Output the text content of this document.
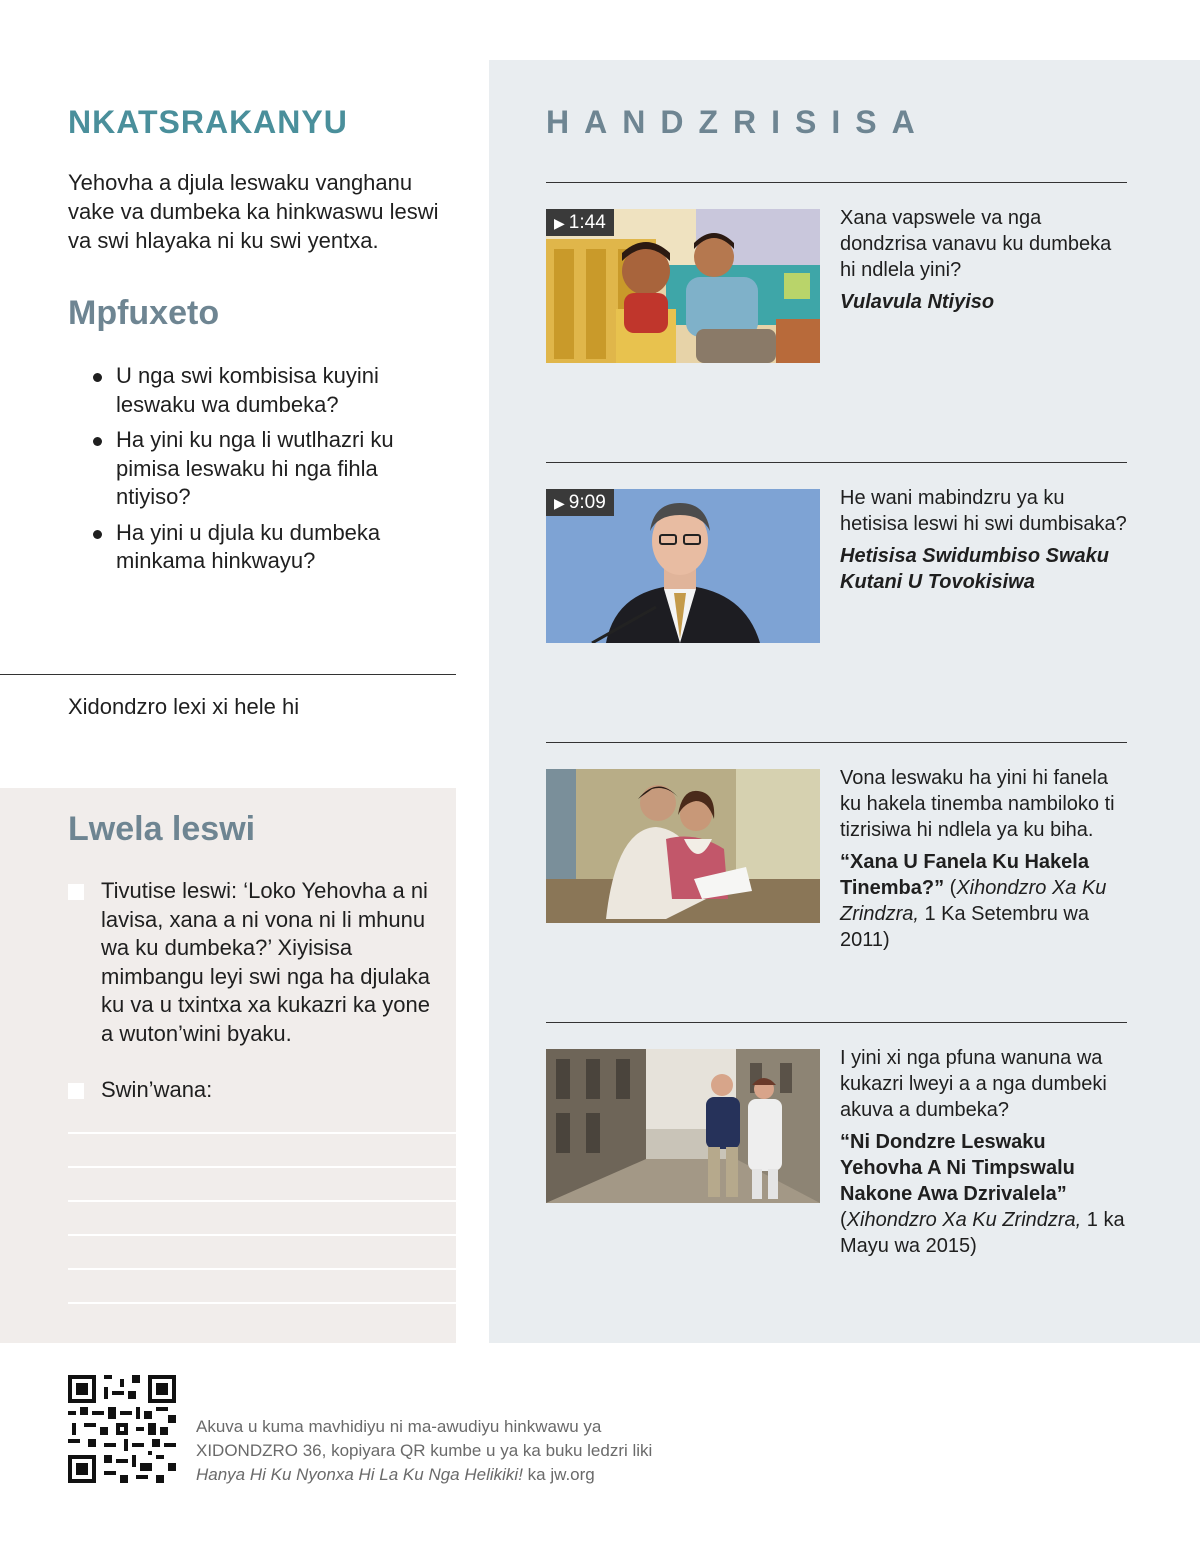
NKATSRAKANYU

Yehovha a djula leswaku vanghanu vake va dumbeka ka hinkwaswu leswi va swi hlayaka ni ku swi yentxa.

Mpfuxeto
U nga swi kombisisa kuyini leswaku wa dumbeka?
Ha yini ku nga li wutlhazri ku pimisa leswaku hi nga fihla ntiyiso?
Ha yini u djula ku dumbeka minkama hinkwayu?

Xidondzro lexi xi hele hi

Lwela leswi

Tivutise leswi: ‘Loko Yehovha a ni lavisa, xana a ni vona ni li mhunu wa ku dumbeka?’ Xiyisisa mimbangu leyi swi nga ha djulaka ku va u txintxa xa kukazri ka yone a wuton’wini byaku.

Swin’wana:

HANDZRISISA
▶ 1:44	Xana vapswele va nga dondzrisa vanavu ku dumbeka hi ndlela yini?

Vulavula Ntiyiso

▶ 9:09	He wani mabindzru ya ku hetisisa leswi hi swi dumbisaka?

Hetisisa Swidumbiso Swaku Kutani U Tovokisiwa

Vona leswaku ha yini hi fanela ku hakela tinemba nambiloko ti tizrisiwa hi ndlela ya ku biha.

“Xana U Fanela Ku Hakela Tinemba?” (Xihondzro Xa Ku Zrindzra, 1 Ka Setembru wa 2011)

I yini xi nga pfuna wanuna wa kukazri lweyi a a nga dumbeki akuva a dumbeka?

“Ni Dondzre Leswaku Yehovha A Ni Timpswalu Nakone Awa Dzrivalela” (Xihondzro Xa Ku Zrindzra, 1 ka Mayu wa 2015)

Akuva u kuma mavhidiyu ni ma-awudiyu hinkwawu ya XIDONDZRO 36, kopiyara QR kumbe u ya ka buku ledzri liki Hanya Hi Ku Nyonxa Hi La Ku Nga Helikiki! ka jw.org
